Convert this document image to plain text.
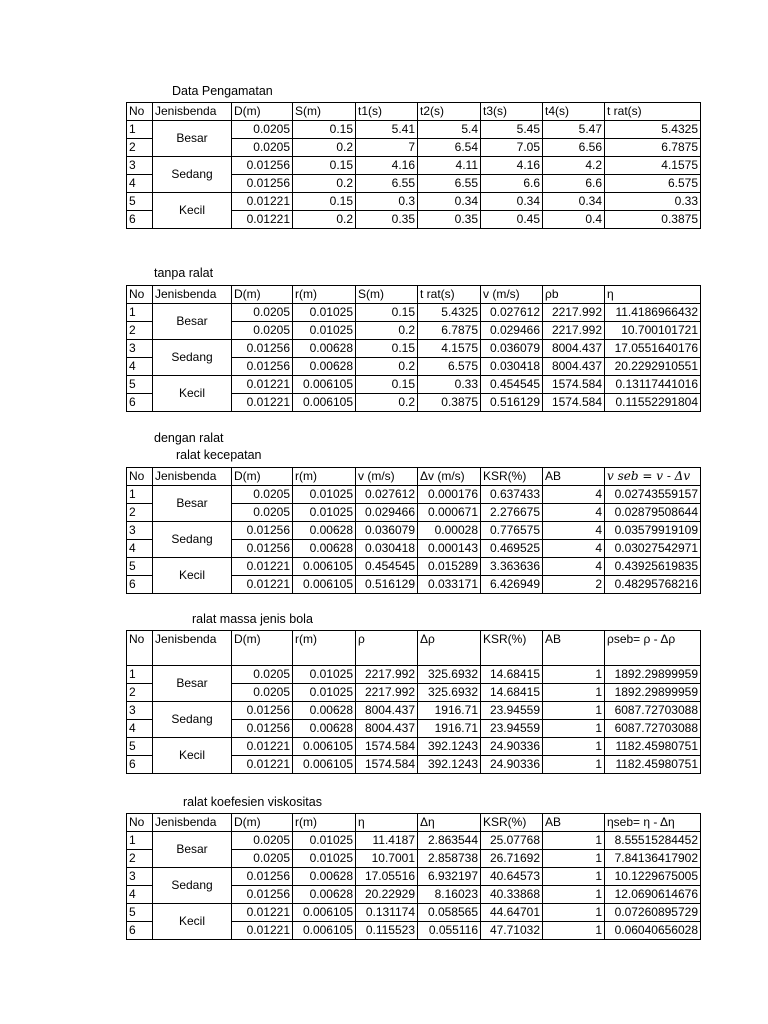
Data Pengamatan
tanpa ralat
dengan ralat
ralat kecepatan
ralat massa jenis bola
ralat koefesien viskositas
No	Jenisbenda	D(m)	S(m)	t1(s)	t2(s)	t3(s)	t4(s)	t rat(s)
1	Besar	0.0205	0.15	5.41	5.4	5.45	5.47	5.4325
2		0.0205	0.2	7	6.54	7.05	6.56	6.7875
3	Sedang	0.01256	0.15	4.16	4.11	4.16	4.2	4.1575
4		0.01256	0.2	6.55	6.55	6.6	6.6	6.575
5	Kecil	0.01221	0.15	0.3	0.34	0.34	0.34	0.33
6		0.01221	0.2	0.35	0.35	0.45	0.4	0.3875
No	Jenisbenda	D(m)	r(m)	S(m)	t rat(s)	v (m/s)	ρb	η
1	Besar	0.0205	0.01025	0.15	5.4325	0.027612	2217.992	11.4186966432
2		0.0205	0.01025	0.2	6.7875	0.029466	2217.992	10.700101721
3	Sedang	0.01256	0.00628	0.15	4.1575	0.036079	8004.437	17.0551640176
4		0.01256	0.00628	0.2	6.575	0.030418	8004.437	20.2292910551
5	Kecil	0.01221	0.006105	0.15	0.33	0.454545	1574.584	0.13117441016
6		0.01221	0.006105	0.2	0.3875	0.516129	1574.584	0.11552291804
No	Jenisbenda	D(m)	r(m)	v (m/s)	Δv (m/s)	KSR(%)	AB	v seb = v - Δv
1	Besar	0.0205	0.01025	0.027612	0.000176	0.637433	4	0.02743559157
2		0.0205	0.01025	0.029466	0.000671	2.276675	4	0.02879508644
3	Sedang	0.01256	0.00628	0.036079	0.00028	0.776575	4	0.03579919109
4		0.01256	0.00628	0.030418	0.000143	0.469525	4	0.03027542971
5	Kecil	0.01221	0.006105	0.454545	0.015289	3.363636	4	0.43925619835
6		0.01221	0.006105	0.516129	0.033171	6.426949	2	0.48295768216
No	Jenisbenda	D(m)	r(m)	ρ	Δρ	KSR(%)	AB	ρseb= ρ - Δρ
1	Besar	0.0205	0.01025	2217.992	325.6932	14.68415	1	1892.29899959
2		0.0205	0.01025	2217.992	325.6932	14.68415	1	1892.29899959
3	Sedang	0.01256	0.00628	8004.437	1916.71	23.94559	1	6087.72703088
4		0.01256	0.00628	8004.437	1916.71	23.94559	1	6087.72703088
5	Kecil	0.01221	0.006105	1574.584	392.1243	24.90336	1	1182.45980751
6		0.01221	0.006105	1574.584	392.1243	24.90336	1	1182.45980751
No	Jenisbenda	D(m)	r(m)	η	Δη	KSR(%)	AB	ηseb= η - Δη
1	Besar	0.0205	0.01025	11.4187	2.863544	25.07768	1	8.55515284452
2		0.0205	0.01025	10.7001	2.858738	26.71692	1	7.84136417902
3	Sedang	0.01256	0.00628	17.05516	6.932197	40.64573	1	10.1229675005
4		0.01256	0.00628	20.22929	8.16023	40.33868	1	12.0690614676
5	Kecil	0.01221	0.006105	0.131174	0.058565	44.64701	1	0.07260895729
6		0.01221	0.006105	0.115523	0.055116	47.71032	1	0.06040656028
